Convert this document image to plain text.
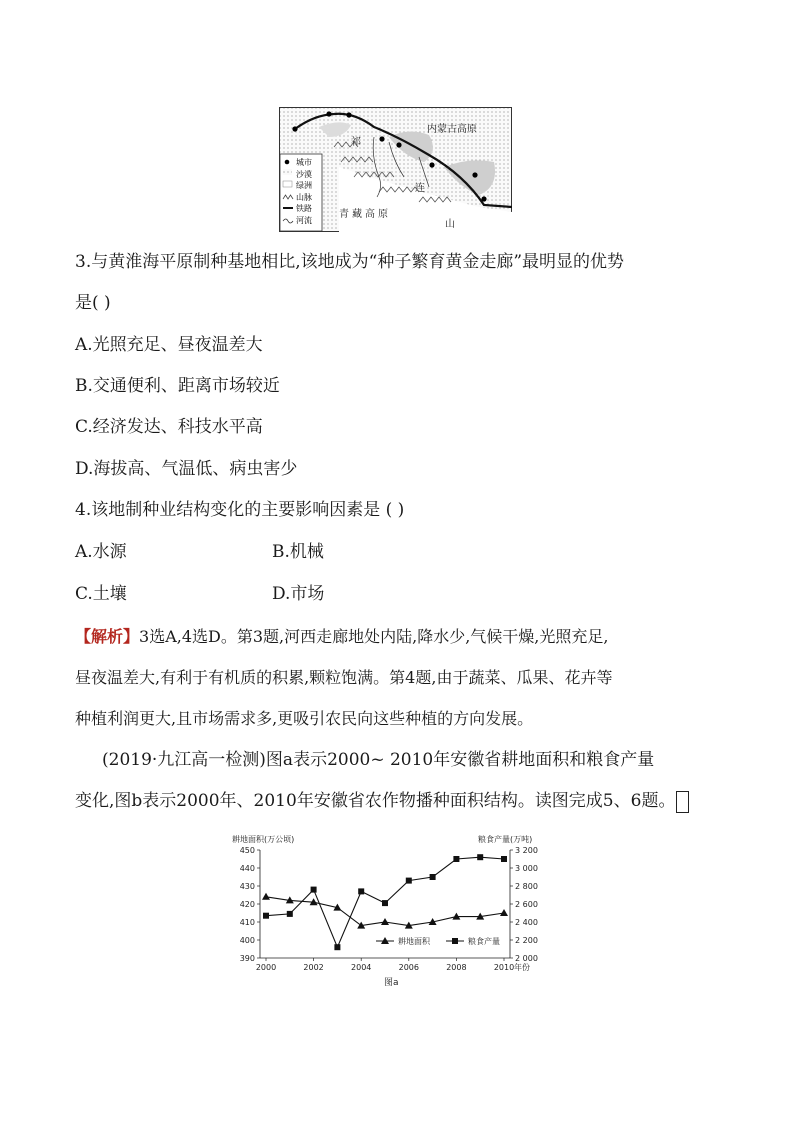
内蒙古高原
祁
连
青藏高原
山
城市
沙漠
绿洲
山脉
铁路
河流
3.与黄淮海平原制种基地相比,该地成为“种子繁育黄金走廊”最明显的优势
是( )
A.光照充足、昼夜温差大
B.交通便利、距离市场较近
C.经济发达、科技水平高
D.海拔高、气温低、病虫害少
4.该地制种业结构变化的主要影响因素是 ( )
A.水源	B.机械
C.土壤	D.市场
【解析】3选A,4选D。第3题,河西走廊地处内陆,降水少,气候干燥,光照充足,
昼夜温差大,有利于有机质的积累,颗粒饱满。第4题,由于蔬菜、瓜果、花卉等
种植利润更大,且市场需求多,更吸引农民向这些种植的方向发展。
(2019·九江高一检测)图a表示2000~ 2010年安徽省耕地面积和粮食产量
变化,图b表示2000年、2010年安徽省农作物播种面积结构。读图完成5、6题。
耕地面积(万公顷)	粮食产量(万吨)
390
400
410
420
430
440
450
2 000
2 200
2 400
2 600
2 800
3 000
3 200
2000	2002	2004	2006	2008	2010 年份
耕地面积	粮食产量
图a
